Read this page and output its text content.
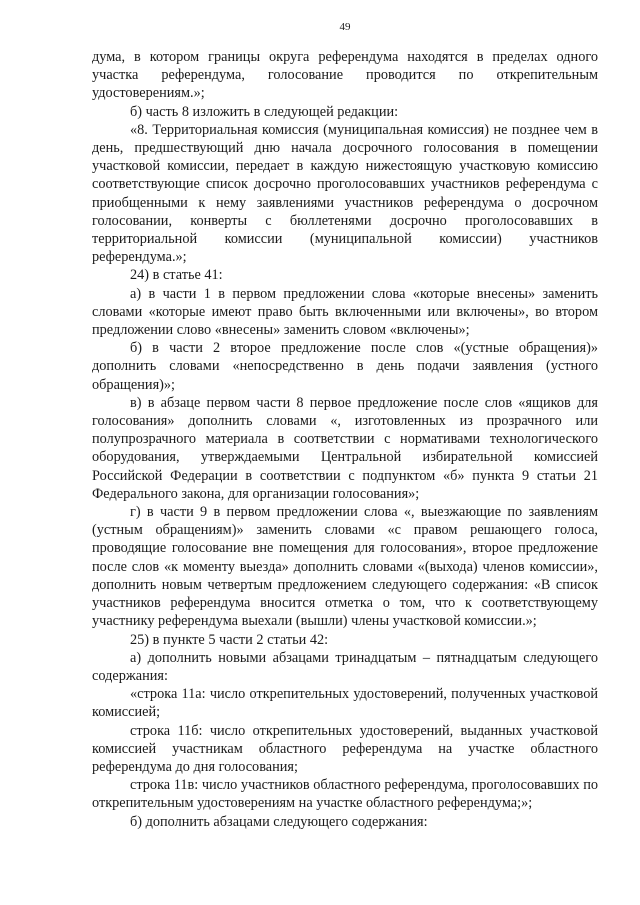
49

дума, в котором границы округа референдума находятся в пределах одного участка референдума, голосование проводится по открепительным удостоверениям.»;

б) часть 8 изложить в следующей редакции:

«8. Территориальная комиссия (муниципальная комиссия) не позднее чем в день, предшествующий дню начала досрочного голосования в помещении участковой комиссии, передает в каждую нижестоящую участковую комиссию соответствующие список досрочно проголосовавших участников референдума с приобщенными к нему заявлениями участников референдума о досрочном голосовании, конверты с бюллетенями досрочно проголосовавших в территориальной комиссии (муниципальной комиссии) участников референдума.»;

24) в статье 41:

а) в части 1 в первом предложении слова «которые внесены» заменить словами «которые имеют право быть включенными или включены», во втором предложении слово «внесены» заменить словом «включены»;

б) в части 2 второе предложение после слов «(устные обращения)» дополнить словами «непосредственно в день подачи заявления (устного обращения)»;

в) в абзаце первом части 8 первое предложение после слов «ящиков для голосования» дополнить словами «, изготовленных из прозрачного или полупрозрачного материала в соответствии с нормативами технологического оборудования, утверждаемыми Центральной избирательной комиссией Российской Федерации в соответствии с подпунктом «б» пункта 9 статьи 21 Федерального закона, для организации голосования»;

г) в части 9 в первом предложении слова «, выезжающие по заявлениям (устным обращениям)» заменить словами «с правом решающего голоса, проводящие голосование вне помещения для голосования», второе предложение после слов «к моменту выезда» дополнить словами «(выхода) членов комиссии», дополнить новым четвертым предложением следующего содержания: «В список участников референдума вносится отметка о том, что к соответствующему участнику референдума выехали (вышли) члены участковой комиссии.»;

25) в пункте 5 части 2 статьи 42:

а) дополнить новыми абзацами тринадцатым – пятнадцатым следующего содержания:

«строка 11а: число открепительных удостоверений, полученных участковой комиссией;

строка 11б: число открепительных удостоверений, выданных участковой комиссией участникам областного референдума на участке областного референдума до дня голосования;

строка 11в: число участников областного референдума, проголосовавших по открепительным удостоверениям на участке областного референдума;»;

б) дополнить абзацами следующего содержания:
